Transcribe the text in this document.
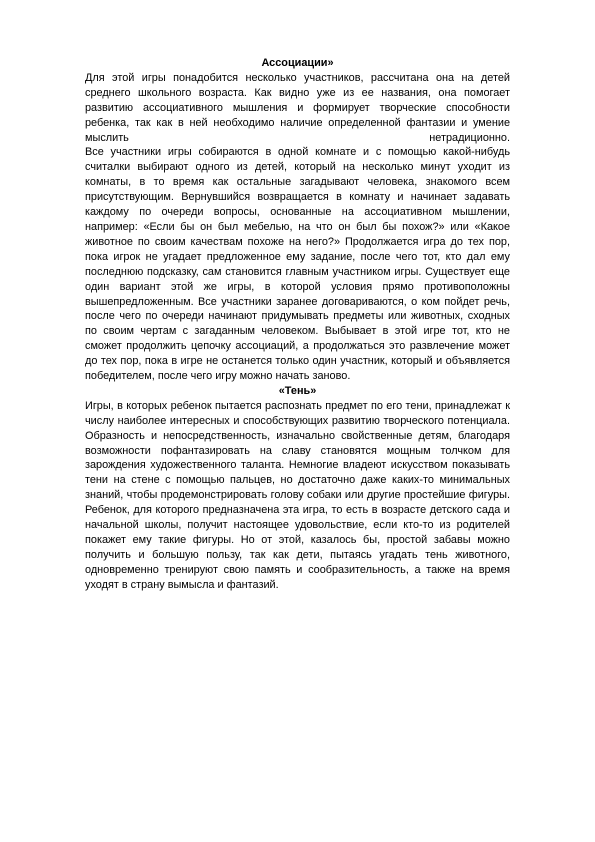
Ассоциации»

Для этой игры понадобится несколько участников, рассчитана она на детей среднего школьного возраста. Как видно уже из ее названия, она помогает развитию ассоциативного мышления и формирует творческие способности ребенка, так как в ней необходимо наличие определенной фантазии и умение мыслить нетрадиционно.

Все участники игры собираются в одной комнате и с помощью какой-нибудь считалки выбирают одного из детей, который на несколько минут уходит из комнаты, в то время как остальные загадывают человека, знакомого всем присутствующим. Вернувшийся возвращается в комнату и начинает задавать каждому по очереди вопросы, основанные на ассоциативном мышлении, например: «Если бы он был мебелью, на что он был бы похож?» или «Какое животное по своим качествам похоже на него?» Продолжается игра до тех пор, пока игрок не угадает предложенное ему задание, после чего тот, кто дал ему последнюю подсказку, сам становится главным участником игры. Существует еще один вариант этой же игры, в которой условия прямо противоположны вышепредложенным. Все участники заранее договариваются, о ком пойдет речь, после чего по очереди начинают придумывать предметы или животных, сходных по своим чертам с загаданным человеком. Выбывает в этой игре тот, кто не сможет продолжить цепочку ассоциаций, а продолжаться это развлечение может до тех пор, пока в игре не останется только один участник, который и объявляется победителем, после чего игру можно начать заново.

«Тень»

Игры, в которых ребенок пытается распознать предмет по его тени, принадлежат к числу наиболее интересных и способствующих развитию творческого потенциала. Образность и непосредственность, изначально свойственные детям, благодаря возможности пофантазировать на славу становятся мощным толчком для зарождения художественного таланта. Немногие владеют искусством показывать тени на стене с помощью пальцев, но достаточно даже каких-то минимальных знаний, чтобы продемонстрировать голову собаки или другие простейшие фигуры. Ребенок, для которого предназначена эта игра, то есть в возрасте детского сада и начальной школы, получит настоящее удовольствие, если кто-то из родителей покажет ему такие фигуры. Но от этой, казалось бы, простой забавы можно получить и большую пользу, так как дети, пытаясь угадать тень животного, одновременно тренируют свою память и сообразительность, а также на время уходят в страну вымысла и фантазий.
